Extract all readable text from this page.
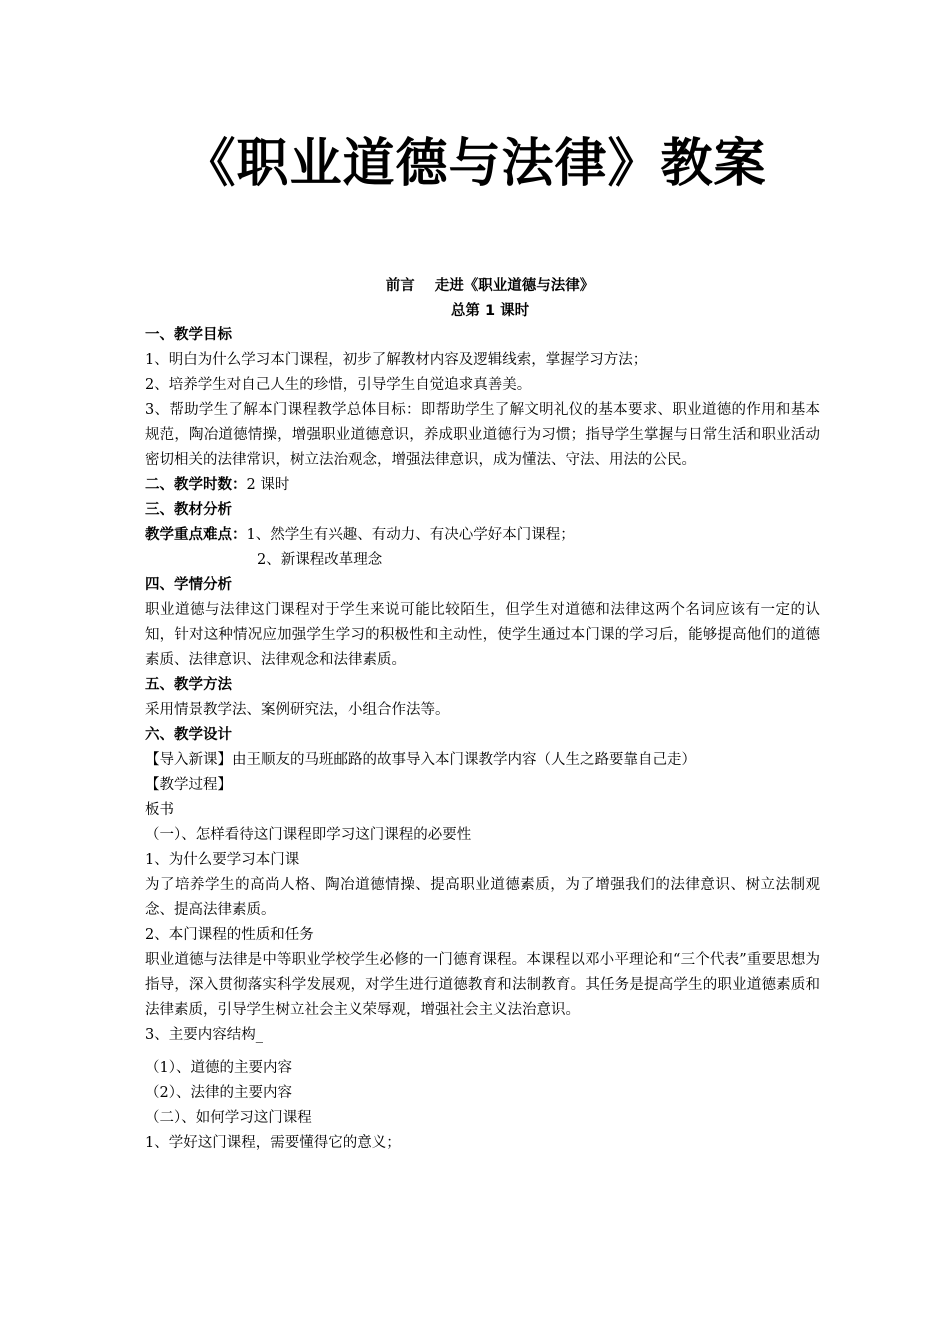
《职业道德与法律》教案
前言 走进《职业道德与法律》
总第 1 课时

一、教学目标

1、明白为什么学习本门课程，初步了解教材内容及逻辑线索，掌握学习方法；

2、培养学生对自己人生的珍惜，引导学生自觉追求真善美。

3、帮助学生了解本门课程教学总体目标：即帮助学生了解文明礼仪的基本要求、职业道德的作用和基本规范，陶冶道德情操，增强职业道德意识，养成职业道德行为习惯；指导学生掌握与日常生活和职业活动密切相关的法律常识，树立法治观念，增强法律意识，成为懂法、守法、用法的公民。

二、教学时数：2 课时

三、教材分析

教学重点难点：1、然学生有兴趣、有动力、有决心学好本门课程；

2、新课程改革理念

四、学情分析

职业道德与法律这门课程对于学生来说可能比较陌生，但学生对道德和法律这两个名词应该有一定的认知，针对这种情况应加强学生学习的积极性和主动性，使学生通过本门课的学习后，能够提高他们的道德素质、法律意识、法律观念和法律素质。

五、教学方法

采用情景教学法、案例研究法，小组合作法等。

六、教学设计

【导入新课】由王顺友的马班邮路的故事导入本门课教学内容（人生之路要靠自己走）

【教学过程】

板书

（一）、怎样看待这门课程即学习这门课程的必要性

1、为什么要学习本门课

为了培养学生的高尚人格、陶冶道德情操、提高职业道德素质，为了增强我们的法律意识、树立法制观念、提高法律素质。

2、本门课程的性质和任务

职业道德与法律是中等职业学校学生必修的一门德育课程。本课程以邓小平理论和“三个代表”重要思想为指导，深入贯彻落实科学发展观，对学生进行道德教育和法制教育。其任务是提高学生的职业道德素质和法律素质，引导学生树立社会主义荣辱观，增强社会主义法治意识。

3、主要内容结构_

（1）、道德的主要内容

（2）、法律的主要内容

（二）、如何学习这门课程

1、学好这门课程，需要懂得它的意义；
